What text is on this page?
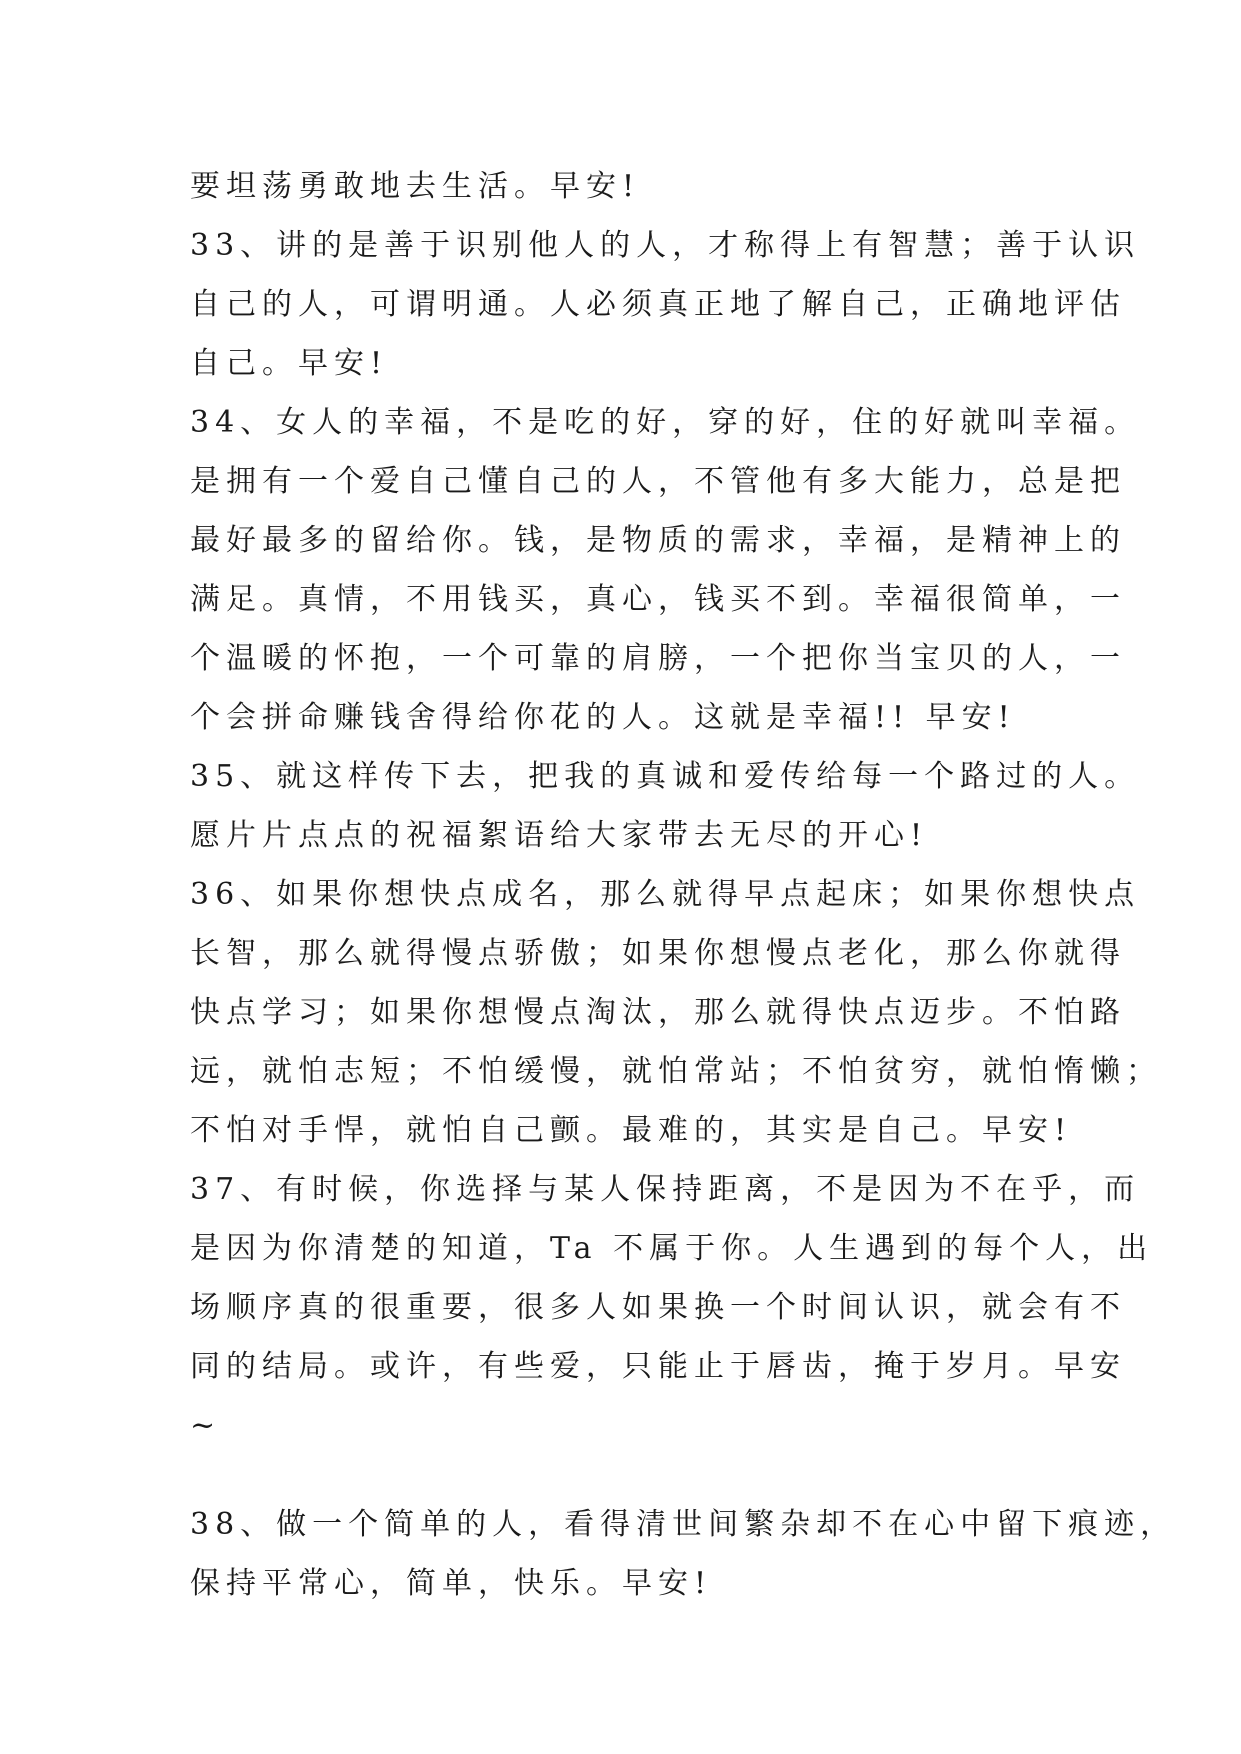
要坦荡勇敢地去生活。早安!
33、讲的是善于识别他人的人，才称得上有智慧；善于认识
自己的人，可谓明通。人必须真正地了解自己，正确地评估
自己。早安!
34、女人的幸福，不是吃的好，穿的好，住的好就叫幸福。
是拥有一个爱自己懂自己的人，不管他有多大能力，总是把
最好最多的留给你。钱，是物质的需求，幸福，是精神上的
满足。真情，不用钱买，真心，钱买不到。幸福很简单，一
个温暖的怀抱，一个可靠的肩膀，一个把你当宝贝的人，一
个会拼命赚钱舍得给你花的人。这就是幸福!! 早安!
35、就这样传下去，把我的真诚和爱传给每一个路过的人。
愿片片点点的祝福絮语给大家带去无尽的开心!
36、如果你想快点成名，那么就得早点起床；如果你想快点
长智，那么就得慢点骄傲；如果你想慢点老化，那么你就得
快点学习；如果你想慢点淘汰，那么就得快点迈步。不怕路
远，就怕志短；不怕缓慢，就怕常站；不怕贫穷，就怕惰懒；
不怕对手悍，就怕自己颤。最难的，其实是自己。早安!
37、有时候，你选择与某人保持距离，不是因为不在乎，而
是因为你清楚的知道，Ta 不属于你。人生遇到的每个人，出
场顺序真的很重要，很多人如果换一个时间认识，就会有不
同的结局。或许，有些爱，只能止于唇齿，掩于岁月。早安
~
38、做一个简单的人，看得清世间繁杂却不在心中留下痕迹，
保持平常心，简单，快乐。早安!
